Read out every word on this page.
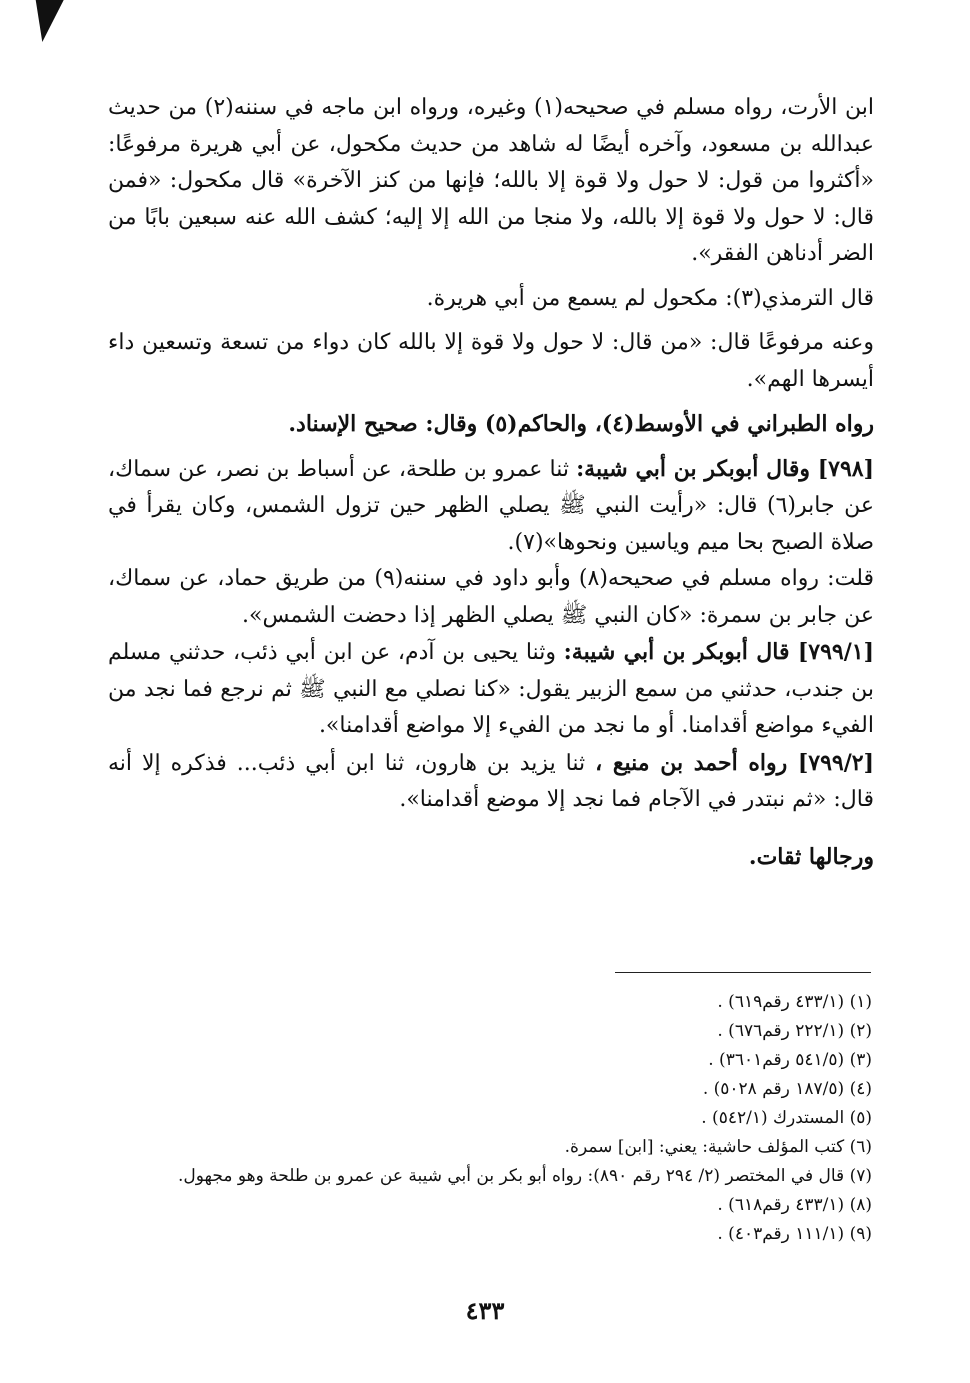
ابن الأرت، رواه مسلم في صحيحه(١) وغيره، ورواه ابن ماجه في سننه(٢) من حديث عبدالله بن مسعود، وآخره أيضًا له شاهد من حديث مكحول، عن أبي هريرة مرفوعًا: «أكثروا من قول: لا حول ولا قوة إلا بالله؛ فإنها من كنز الآخرة» قال مكحول: «فمن قال: لا حول ولا قوة إلا بالله، ولا منجا من الله إلا إليه؛ كشف الله عنه سبعين بابًا من الضر أدناهن الفقر».

قال الترمذي(٣): مكحول لم يسمع من أبي هريرة.

وعنه مرفوعًا قال: «من قال: لا حول ولا قوة إلا بالله كان دواء من تسعة وتسعين داء أيسرها الهم».

رواه الطبراني في الأوسط(٤)، والحاكم(٥) وقال: صحيح الإسناد.

[٧٩٨] وقال أبوبكر بن أبي شيبة: ثنا عمرو بن طلحة، عن أسباط بن نصر، عن سماك، عن جابر(٦) قال: «رأيت النبي ﷺ يصلي الظهر حين تزول الشمس، وكان يقرأ في صلاة الصبح بحا ميم وياسين ونحوها»(٧).

قلت: رواه مسلم في صحيحه(٨) وأبو داود في سننه(٩) من طريق حماد، عن سماك، عن جابر بن سمرة: «كان النبي ﷺ يصلي الظهر إذا دحضت الشمس».

[٧٩٩/١] قال أبوبكر بن أبي شيبة: وثنا يحيى بن آدم، عن ابن أبي ذئب، حدثني مسلم بن جندب، حدثني من سمع الزبير يقول: «كنا نصلي مع النبي ﷺ ثم نرجع فما نجد من الفيء مواضع أقدامنا. أو ما نجد من الفيء إلا مواضع أقدامنا».

[٧٩٩/٢] رواه أحمد بن منيع ، ثنا يزيد بن هارون، ثنا ابن أبي ذئب... فذكره إلا أنه قال: «ثم نبتدر في الآجام فما نجد إلا موضع أقدامنا».

ورجالها ثقات.

(١) (٤٣٣/١ رقم٦١٩) .
(٢) (٢٢٢/١ رقم٦٧٦) .
(٣) (٥٤١/٥ رقم٣٦٠١) .
(٤) (١٨٧/٥ رقم ٥٠٢٨) .
(٥) المستدرك (٥٤٢/١) .
(٦) كتب المؤلف حاشية: يعني: [ابن] سمرة.
(٧) قال في المختصر (٢/ ٢٩٤ رقم ٨٩٠): رواه أبو بكر بن أبي شيبة عن عمرو بن طلحة وهو مجهول.
(٨) (٤٣٣/١ رقم٦١٨) .
(٩) (١١١/١ رقم٤٠٣) .
٤٣٣
